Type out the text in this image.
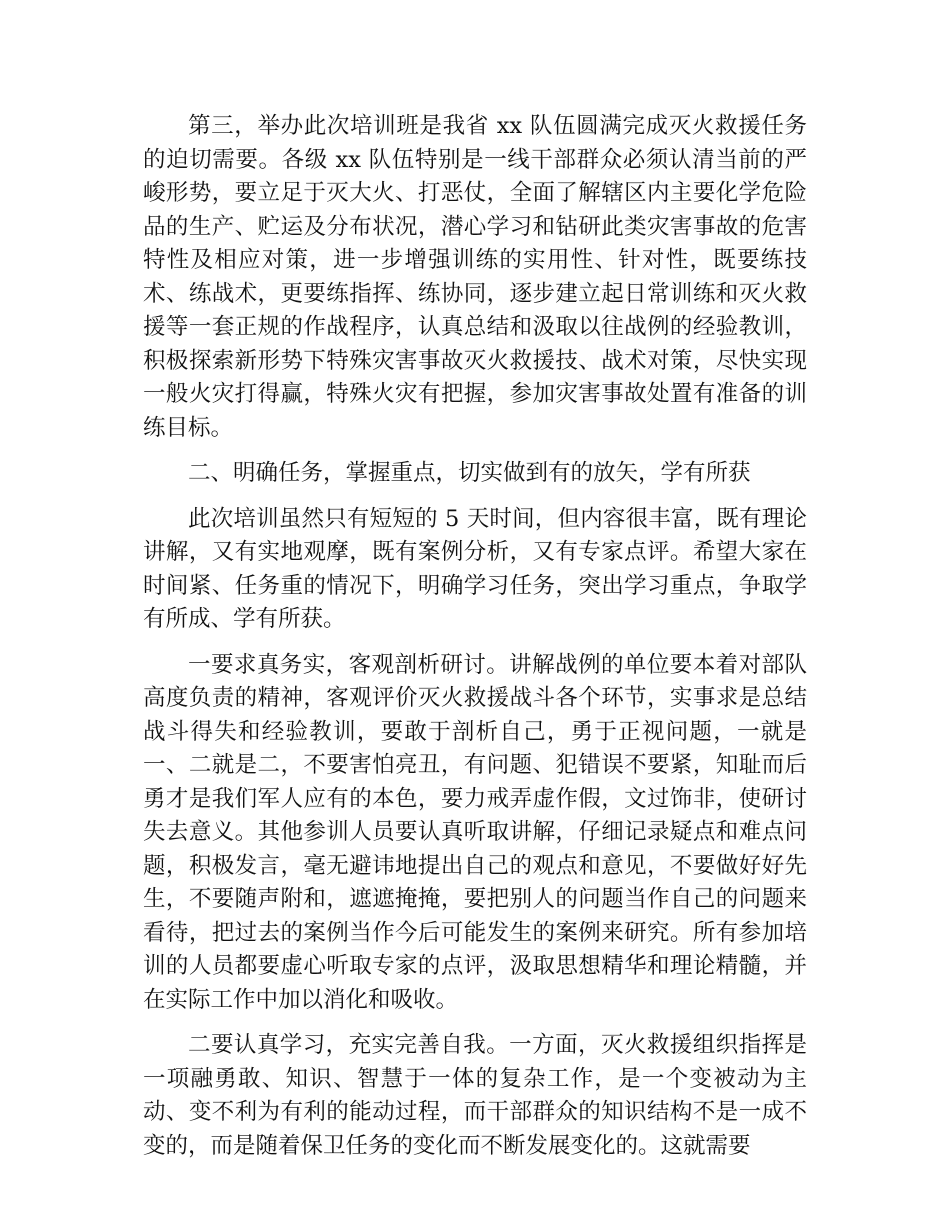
第三，举办此次培训班是我省 xx 队伍圆满完成灭火救援任务的迫切需要。各级 xx 队伍特别是一线干部群众必须认清当前的严峻形势，要立足于灭大火、打恶仗，全面了解辖区内主要化学危险品的生产、贮运及分布状况，潜心学习和钻研此类灾害事故的危害特性及相应对策，进一步增强训练的实用性、针对性，既要练技术、练战术，更要练指挥、练协同，逐步建立起日常训练和灭火救援等一套正规的作战程序，认真总结和汲取以往战例的经验教训，积极探索新形势下特殊灾害事故灭火救援技、战术对策，尽快实现一般火灾打得赢，特殊火灾有把握，参加灾害事故处置有准备的训练目标。

二、明确任务，掌握重点，切实做到有的放矢，学有所获

此次培训虽然只有短短的 5 天时间，但内容很丰富，既有理论讲解，又有实地观摩，既有案例分析，又有专家点评。希望大家在时间紧、任务重的情况下，明确学习任务，突出学习重点，争取学有所成、学有所获。

一要求真务实，客观剖析研讨。讲解战例的单位要本着对部队高度负责的精神，客观评价灭火救援战斗各个环节，实事求是总结战斗得失和经验教训，要敢于剖析自己，勇于正视问题，一就是一、二就是二，不要害怕亮丑，有问题、犯错误不要紧，知耻而后勇才是我们军人应有的本色，要力戒弄虚作假，文过饰非，使研讨失去意义。其他参训人员要认真听取讲解，仔细记录疑点和难点问题，积极发言，毫无避讳地提出自己的观点和意见，不要做好好先生，不要随声附和，遮遮掩掩，要把别人的问题当作自己的问题来看待，把过去的案例当作今后可能发生的案例来研究。所有参加培训的人员都要虚心听取专家的点评，汲取思想精华和理论精髓，并在实际工作中加以消化和吸收。

二要认真学习，充实完善自我。一方面，灭火救援组织指挥是一项融勇敢、知识、智慧于一体的复杂工作，是一个变被动为主动、变不利为有利的能动过程，而干部群众的知识结构不是一成不变的，而是随着保卫任务的变化而不断发展变化的。这就需要
